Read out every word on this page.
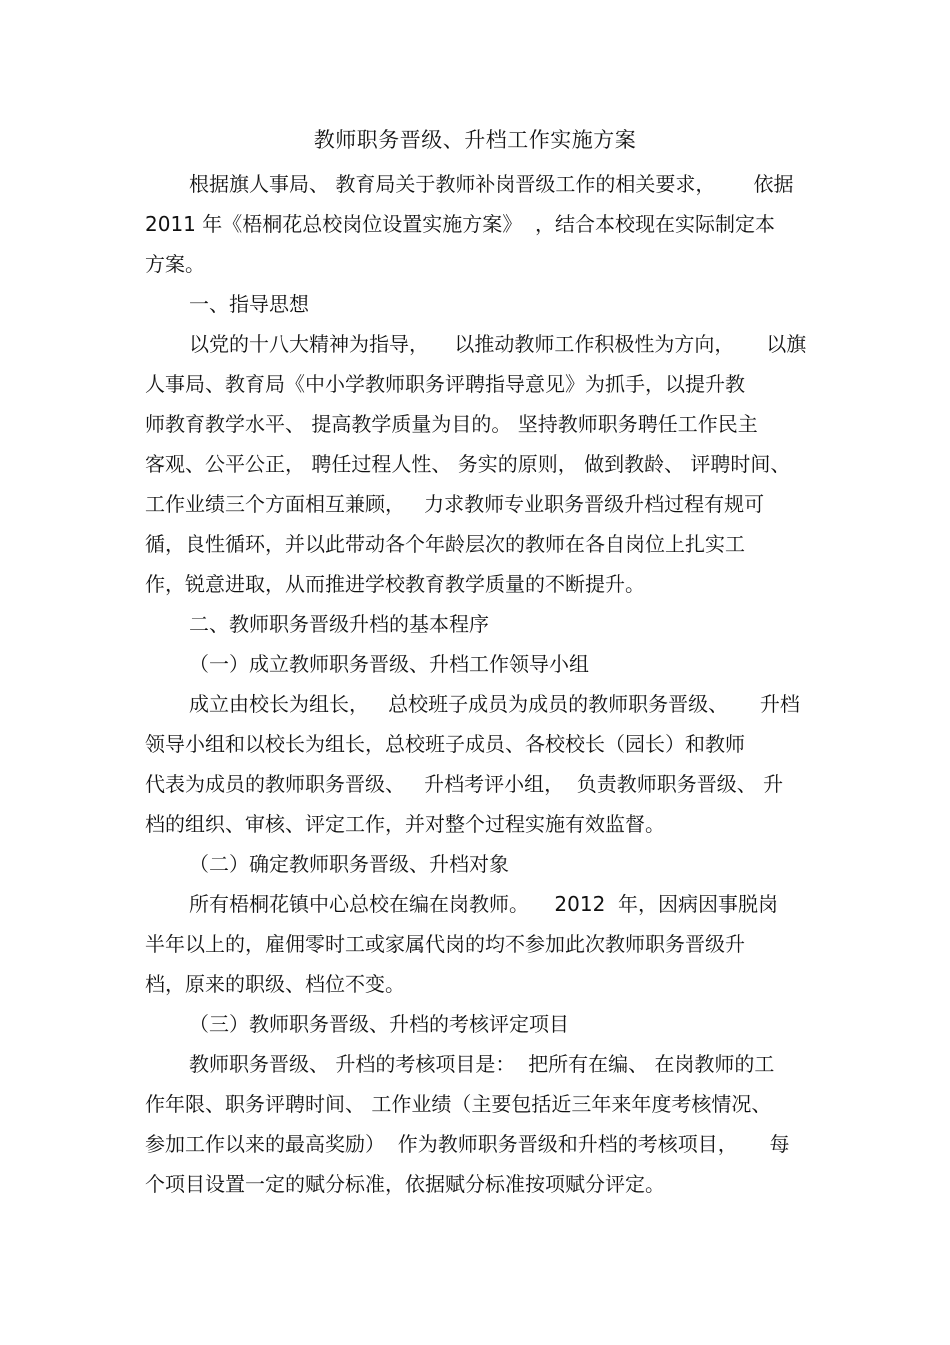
教师职务晋级、升档工作实施方案
根据旗人事局、 教育局关于教师补岗晋级工作的相关要求，      依据
2011 年《梧桐花总校岗位设置实施方案》  ，结合本校现在实际制定本
方案。
一、指导思想
以党的十八大精神为指导，    以推动教师工作积极性为方向，     以旗
人事局、教育局《中小学教师职务评聘指导意见》为抓手，以提升教
师教育教学水平、 提高教学质量为目的。 坚持教师职务聘任工作民主
客观、公平公正， 聘任过程人性、 务实的原则， 做到教龄、 评聘时间、
工作业绩三个方面相互兼顾，   力求教师专业职务晋级升档过程有规可
循，良性循环，并以此带动各个年龄层次的教师在各自岗位上扎实工
作，锐意进取，从而推进学校教育教学质量的不断提升。
二、教师职务晋级升档的基本程序
（一）成立教师职务晋级、升档工作领导小组
成立由校长为组长，   总校班子成员为成员的教师职务晋级、     升档
领导小组和以校长为组长，总校班子成员、各校校长（园长）和教师
代表为成员的教师职务晋级、   升档考评小组，  负责教师职务晋级、 升
档的组织、审核、评定工作，并对整个过程实施有效监督。
（二）确定教师职务晋级、升档对象
所有梧桐花镇中心总校在编在岗教师。    2012  年，因病因事脱岗
半年以上的，雇佣零时工或家属代岗的均不参加此次教师职务晋级升
档，原来的职级、档位不变。
（三）教师职务晋级、升档的考核评定项目
教师职务晋级、 升档的考核项目是：  把所有在编、 在岗教师的工
作年限、职务评聘时间、 工作业绩（主要包括近三年来年度考核情况、
参加工作以来的最高奖励）  作为教师职务晋级和升档的考核项目，     每
个项目设置一定的赋分标准，依据赋分标准按项赋分评定。
